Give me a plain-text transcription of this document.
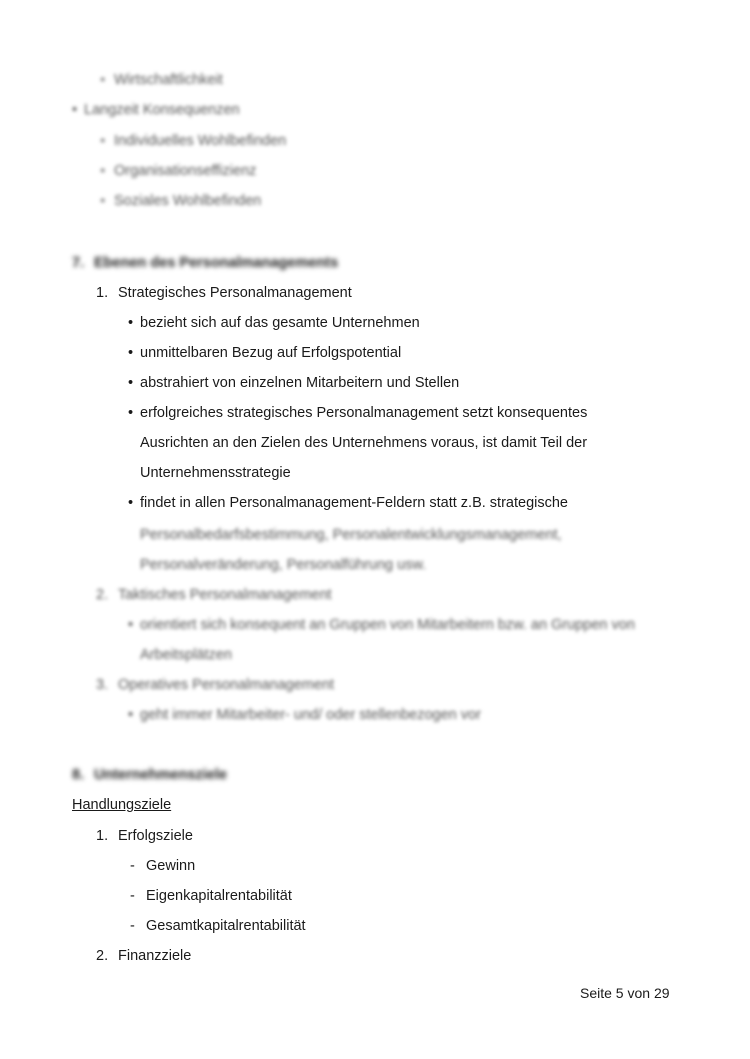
▪ Wirtschaftlichkeit
• Langzeit Konsequenzen
▪ Individuelles Wohlbefinden
▪ Organisationseffizienz
▪ Soziales Wohlbefinden
7. Ebenen des Personalmanagements
1. Strategisches Personalmanagement
• bezieht sich auf das gesamte Unternehmen
• unmittelbaren Bezug auf Erfolgspotential
• abstrahiert von einzelnen Mitarbeitern und Stellen
• erfolgreiches strategisches Personalmanagement setzt konsequentes
Ausrichten an den Zielen des Unternehmens voraus, ist damit Teil der
Unternehmensstrategie
• findet in allen Personalmanagement-Feldern statt z.B. strategische
Personalbedarfsbestimmung, Personalentwicklungsmanagement,
Personalveränderung, Personalführung usw.
2. Taktisches Personalmanagement
• orientiert sich konsequent an Gruppen von Mitarbeitern bzw. an Gruppen von
Arbeitsplätzen
3. Operatives Personalmanagement
• geht immer Mitarbeiter- und/ oder stellenbezogen vor
8. Unternehmensziele
Handlungsziele
1. Erfolgsziele
- Gewinn
- Eigenkapitalrentabilität
- Gesamtkapitalrentabilität
2. Finanzziele
Seite 5 von 29
